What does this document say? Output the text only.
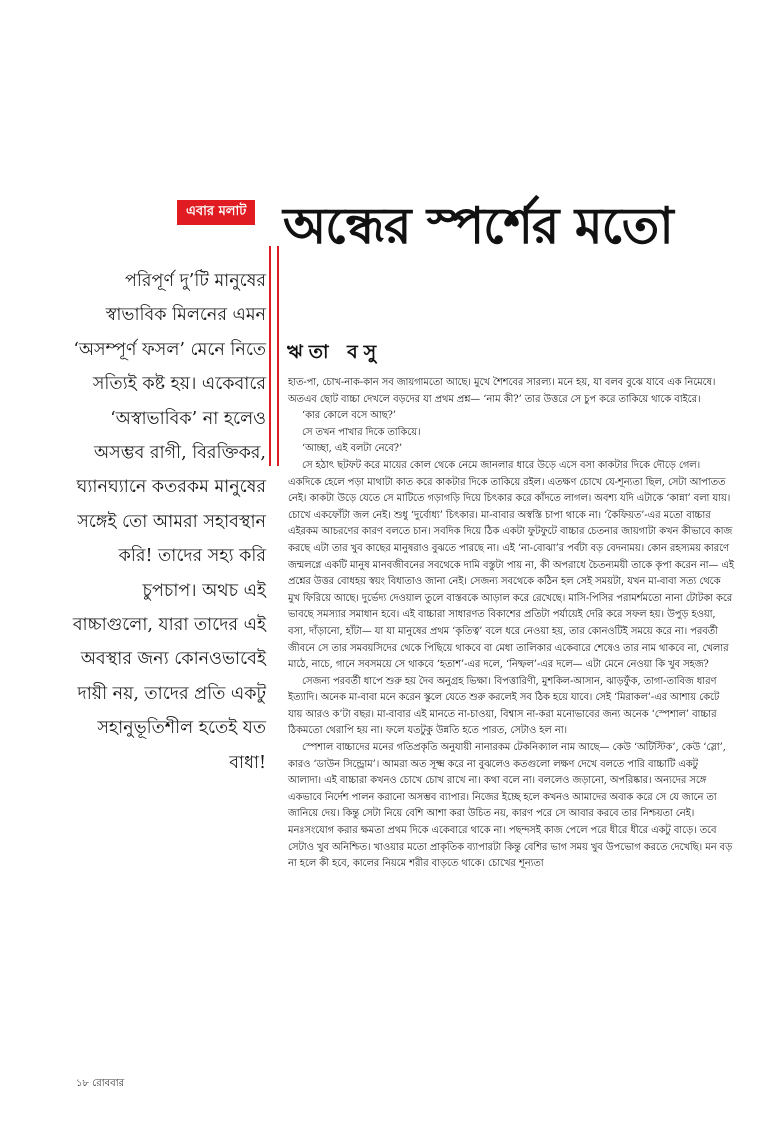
এবার মলাট অন্ধের স্পর্শের মতো
ঋতা বসু

পরিপূর্ণ দু’টি মানুষের স্বাভাবিক মিলনের এমন ‘অসম্পূর্ণ ফসল’ মেনে নিতে সত্যিই কষ্ট হয়। একেবারে ‘অস্বাভাবিক’ না হলেও অসম্ভব রাগী, বিরক্তিকর, ঘ্যানঘ্যানে কতরকম মানুষের সঙ্গেই তো আমরা সহাবস্থান করি! তাদের সহ্য করি চুপচাপ। অথচ এই বাচ্চাগুলো, যারা তাদের এই অবস্থার জন্য কোনওভাবেই দায়ী নয়, তাদের প্রতি একটু সহানুভূতিশীল হতেই যত বাধা!

হাত-পা, চোখ-নাক-কান সব জায়গামতো আছে। মুখে শৈশবের সারল্য। মনে হয়, যা বলব বুঝে যাবে এক নিমেষে। অতএব ছোট বাচ্চা দেখলে বড়দের যা প্রথম প্রশ্ন— ‘নাম কী?’ তার উত্তরে সে চুপ করে তাকিয়ে থাকে বাইরে।

‘কার কোলে বসে আছ?’

সে তখন পাখার দিকে তাকিয়ে।

‘আচ্ছা, এই বলটা নেবে?’

সে হঠাৎ ছটফট করে মায়ের কোল থেকে নেমে জানলার ধারে উড়ে এসে বসা কাকটার দিকে দৌড়ে গেল। একদিকে হেলে পড়া মাথাটা কাত করে কাকটার দিকে তাকিয়ে রইল। এতক্ষণ চোখে যে-শূন্যতা ছিল, সেটা আপাতত নেই। কাকটা উড়ে যেতে সে মাটিতে গড়াগড়ি দিয়ে চিৎকার করে কাঁদতে লাগল। অবশ্য যদি এটাকে ‘কান্না’ বলা যায়। চোখে একফোঁটা জল নেই। শুধু ‘দুর্বোধ্য’ চিৎকার। মা-বাবার অস্বস্তি চাপা থাকে না। ‘কৈফিয়ত’-এর মতো বাচ্চার এইরকম আচরণের কারণ বলতে চান। সবদিক দিয়ে ঠিক একটা ফুটফুটে বাচ্চার চেতনার জায়গাটা কখন কীভাবে কাজ করছে এটা তার খুব কাছের মানুষরাও বুঝতে পারছে না। এই ‘না-বোঝা’র পর্বটা বড় বেদনাময়। কোন রহস্যময় কারণে জন্মলগ্নে একটি মানুষ মানবজীবনের সবথেকে দামি বস্তুটা পায় না, কী অপরাধে চৈতন্যময়ী তাকে কৃপা করেন না— এই প্রশ্নের উত্তর বোধহয় স্বয়ং বিধাতাও জানা নেই। সেজন্য সবথেকে কঠিন হল সেই সময়টা, যখন মা-বাবা সত্য থেকে মুখ ফিরিয়ে আছে। দুর্ভেদ্য দেওয়াল তুলে বাস্তবকে আড়াল করে রেখেছে। মাসি-পিসির পরামর্শমতো নানা টোটকা করে ভাবছে সমস্যার সমাধান হবে। এই বাচ্চারা সাধারণত বিকাশের প্রতিটা পর্যায়েই দেরি করে সফল হয়। উপুড় হওয়া, বসা, দাঁড়ানো, হাঁটা— যা যা মানুষের প্রথম ‘কৃতিত্ব’ বলে ধরে নেওয়া হয়, তার কোনওটিই সময়ে করে না। পরবর্তী জীবনে সে তার সমবয়সিদের থেকে পিছিয়ে থাকবে বা মেধা তালিকার একেবারে শেষেও তার নাম থাকবে না, খেলার মাঠে, নাচে, গানে সবসময়ে সে থাকবে ‘হতাশ’-এর দলে, ‘নিষ্ফল’-এর দলে— এটা মেনে নেওয়া কি খুব সহজ?

সেজন্য পরবর্তী ধাপে শুরু হয় দৈব অনুগ্রহ ভিক্ষা। বিপত্তারিণী, মুশকিল-আসান, ঝাড়ফুঁক, তাগা-তাবিজ ধারণ ইত্যাদি। অনেক মা-বাবা মনে করেন স্কুলে যেতে শুরু করলেই সব ঠিক হয়ে যাবে। সেই ‘মিরাকল’-এর আশায় কেটে যায় আরও ক’টা বছর। মা-বাবার এই মানতে না-চাওয়া, বিশ্বাস না-করা মনোভাবের জন্য অনেক ‘স্পেশাল’ বাচ্চার ঠিকমতো থেরাপি হয় না। ফলে যতটুকু উন্নতি হতে পারত, সেটাও হল না।

স্পেশাল বাচ্চাদের মনের গতিপ্রকৃতি অনুযায়ী নানারকম টেকনিক্যাল নাম আছে— কেউ ‘অটিস্টিক’, কেউ ‘স্লো’, কারও ‘ডাউন সিন্ড্রোম’। আমরা অত সূক্ষ্ম করে না বুঝলেও কতগুলো লক্ষণ দেখে বলতে পারি বাচ্চাটি একটু আলাদা। এই বাচ্চারা কখনও চোখে চোখ রাখে না। কথা বলে না। বললেও জড়ানো, অপরিষ্কার। অন্যদের সঙ্গে একভাবে নির্দেশ পালন করানো অসম্ভব ব্যাপার। নিজের ইচ্ছে হলে কখনও আমাদের অবাক করে সে যে জানে তা জানিয়ে দেয়। কিন্তু সেটা নিয়ে বেশি আশা করা উচিত নয়, কারণ পরে সে আবার করবে তার নিশ্চয়তা নেই। মনঃসংযোগ করার ক্ষমতা প্রথম দিকে একেবারে থাকে না। পছন্দসই কাজ পেলে পরে ধীরে ধীরে একটু বাড়ে। তবে সেটাও খুব অনিশ্চিত। খাওয়ার মতো প্রাকৃতিক ব্যাপারটা কিন্তু বেশির ভাগ সময় খুব উপভোগ করতে দেখেছি। মন বড় না হলে কী হবে, কালের নিয়মে শরীর বাড়তে থাকে। চোখের শূন্যতা

১৮ রোববার
